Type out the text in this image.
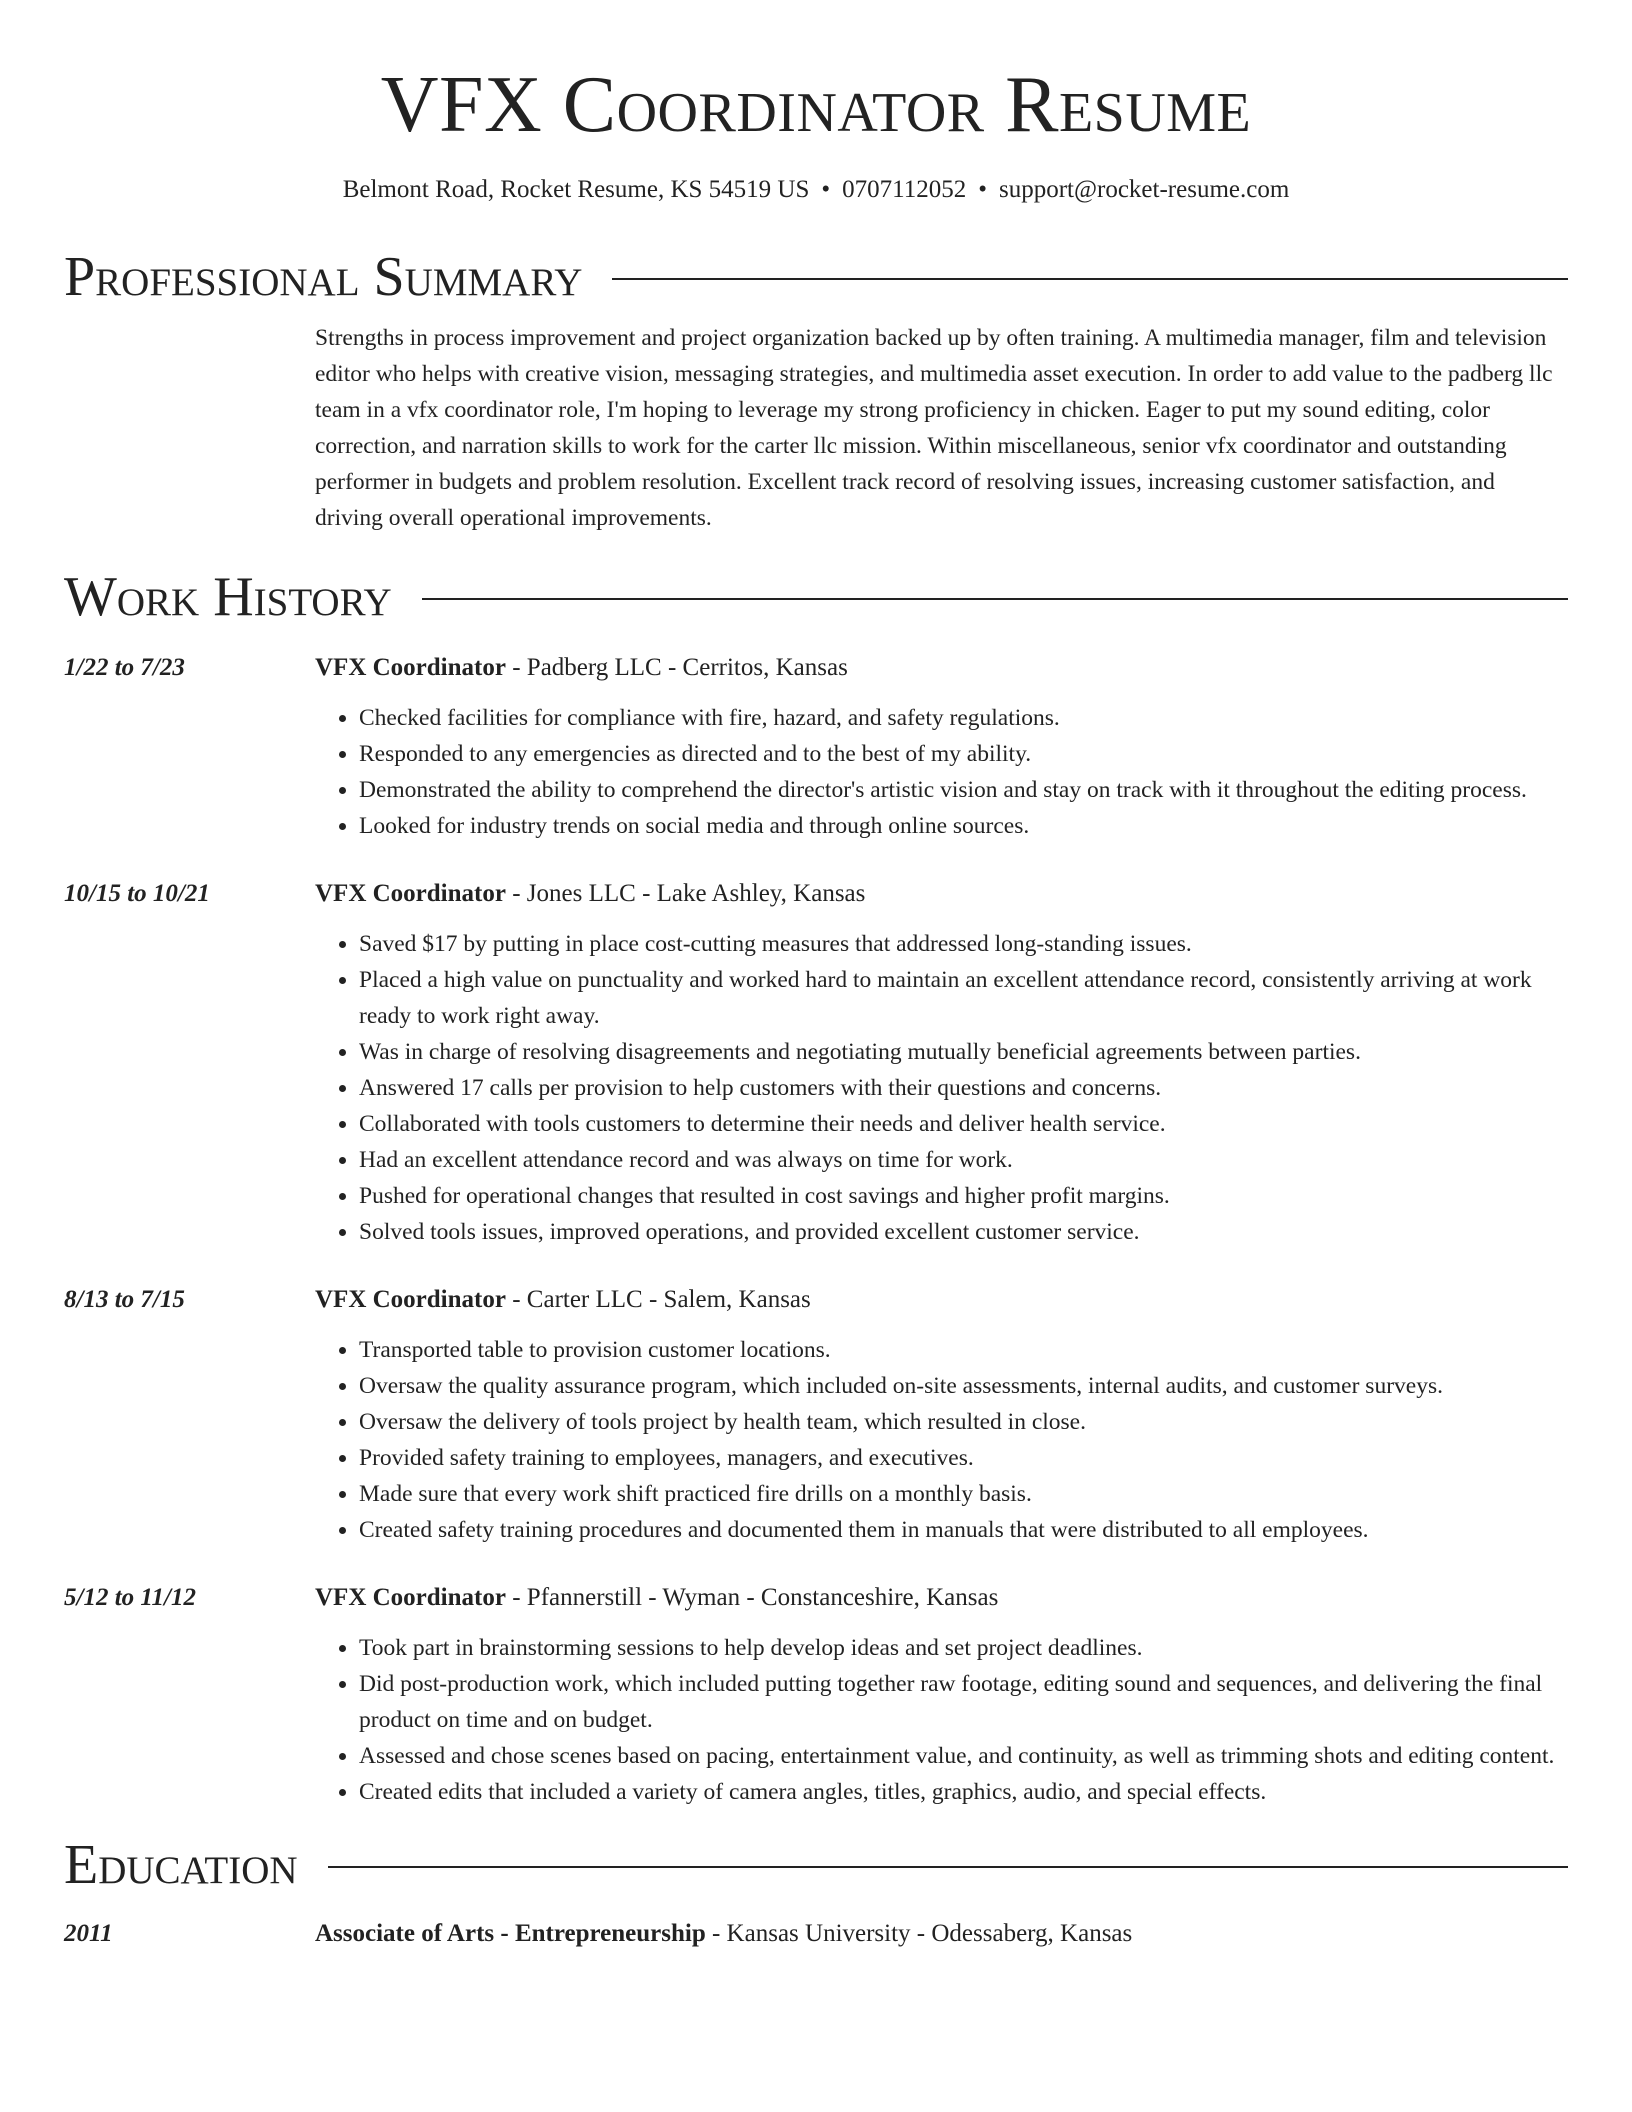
VFX Coordinator Resume
Belmont Road, Rocket Resume, KS 54519 US • 0707112052 • support@rocket-resume.com
Professional Summary

Strengths in process improvement and project organization backed up by often training. A multimedia manager, film and television editor who helps with creative vision, messaging strategies, and multimedia asset execution. In order to add value to the padberg llc team in a vfx coordinator role, I'm hoping to leverage my strong proficiency in chicken. Eager to put my sound editing, color correction, and narration skills to work for the carter llc mission. Within miscellaneous, senior vfx coordinator and outstanding performer in budgets and problem resolution. Excellent track record of resolving issues, increasing customer satisfaction, and driving overall operational improvements.

Work History
1/22 to 7/23	VFX Coordinator - Padberg LLC - Cerritos, Kansas
• Checked facilities for compliance with fire, hazard, and safety regulations.
• Responded to any emergencies as directed and to the best of my ability.
• Demonstrated the ability to comprehend the director's artistic vision and stay on track with it throughout the editing process.
• Looked for industry trends on social media and through online sources.
10/15 to 10/21	VFX Coordinator - Jones LLC - Lake Ashley, Kansas
• Saved $17 by putting in place cost-cutting measures that addressed long-standing issues.
• Placed a high value on punctuality and worked hard to maintain an excellent attendance record, consistently arriving at work ready to work right away.
• Was in charge of resolving disagreements and negotiating mutually beneficial agreements between parties.
• Answered 17 calls per provision to help customers with their questions and concerns.
• Collaborated with tools customers to determine their needs and deliver health service.
• Had an excellent attendance record and was always on time for work.
• Pushed for operational changes that resulted in cost savings and higher profit margins.
• Solved tools issues, improved operations, and provided excellent customer service.
8/13 to 7/15	VFX Coordinator - Carter LLC - Salem, Kansas
• Transported table to provision customer locations.
• Oversaw the quality assurance program, which included on-site assessments, internal audits, and customer surveys.
• Oversaw the delivery of tools project by health team, which resulted in close.
• Provided safety training to employees, managers, and executives.
• Made sure that every work shift practiced fire drills on a monthly basis.
• Created safety training procedures and documented them in manuals that were distributed to all employees.
5/12 to 11/12	VFX Coordinator - Pfannerstill - Wyman - Constanceshire, Kansas
• Took part in brainstorming sessions to help develop ideas and set project deadlines.
• Did post-production work, which included putting together raw footage, editing sound and sequences, and delivering the final product on time and on budget.
• Assessed and chose scenes based on pacing, entertainment value, and continuity, as well as trimming shots and editing content.
• Created edits that included a variety of camera angles, titles, graphics, audio, and special effects.
Education
2011	Associate of Arts - Entrepreneurship - Kansas University - Odessaberg, Kansas
